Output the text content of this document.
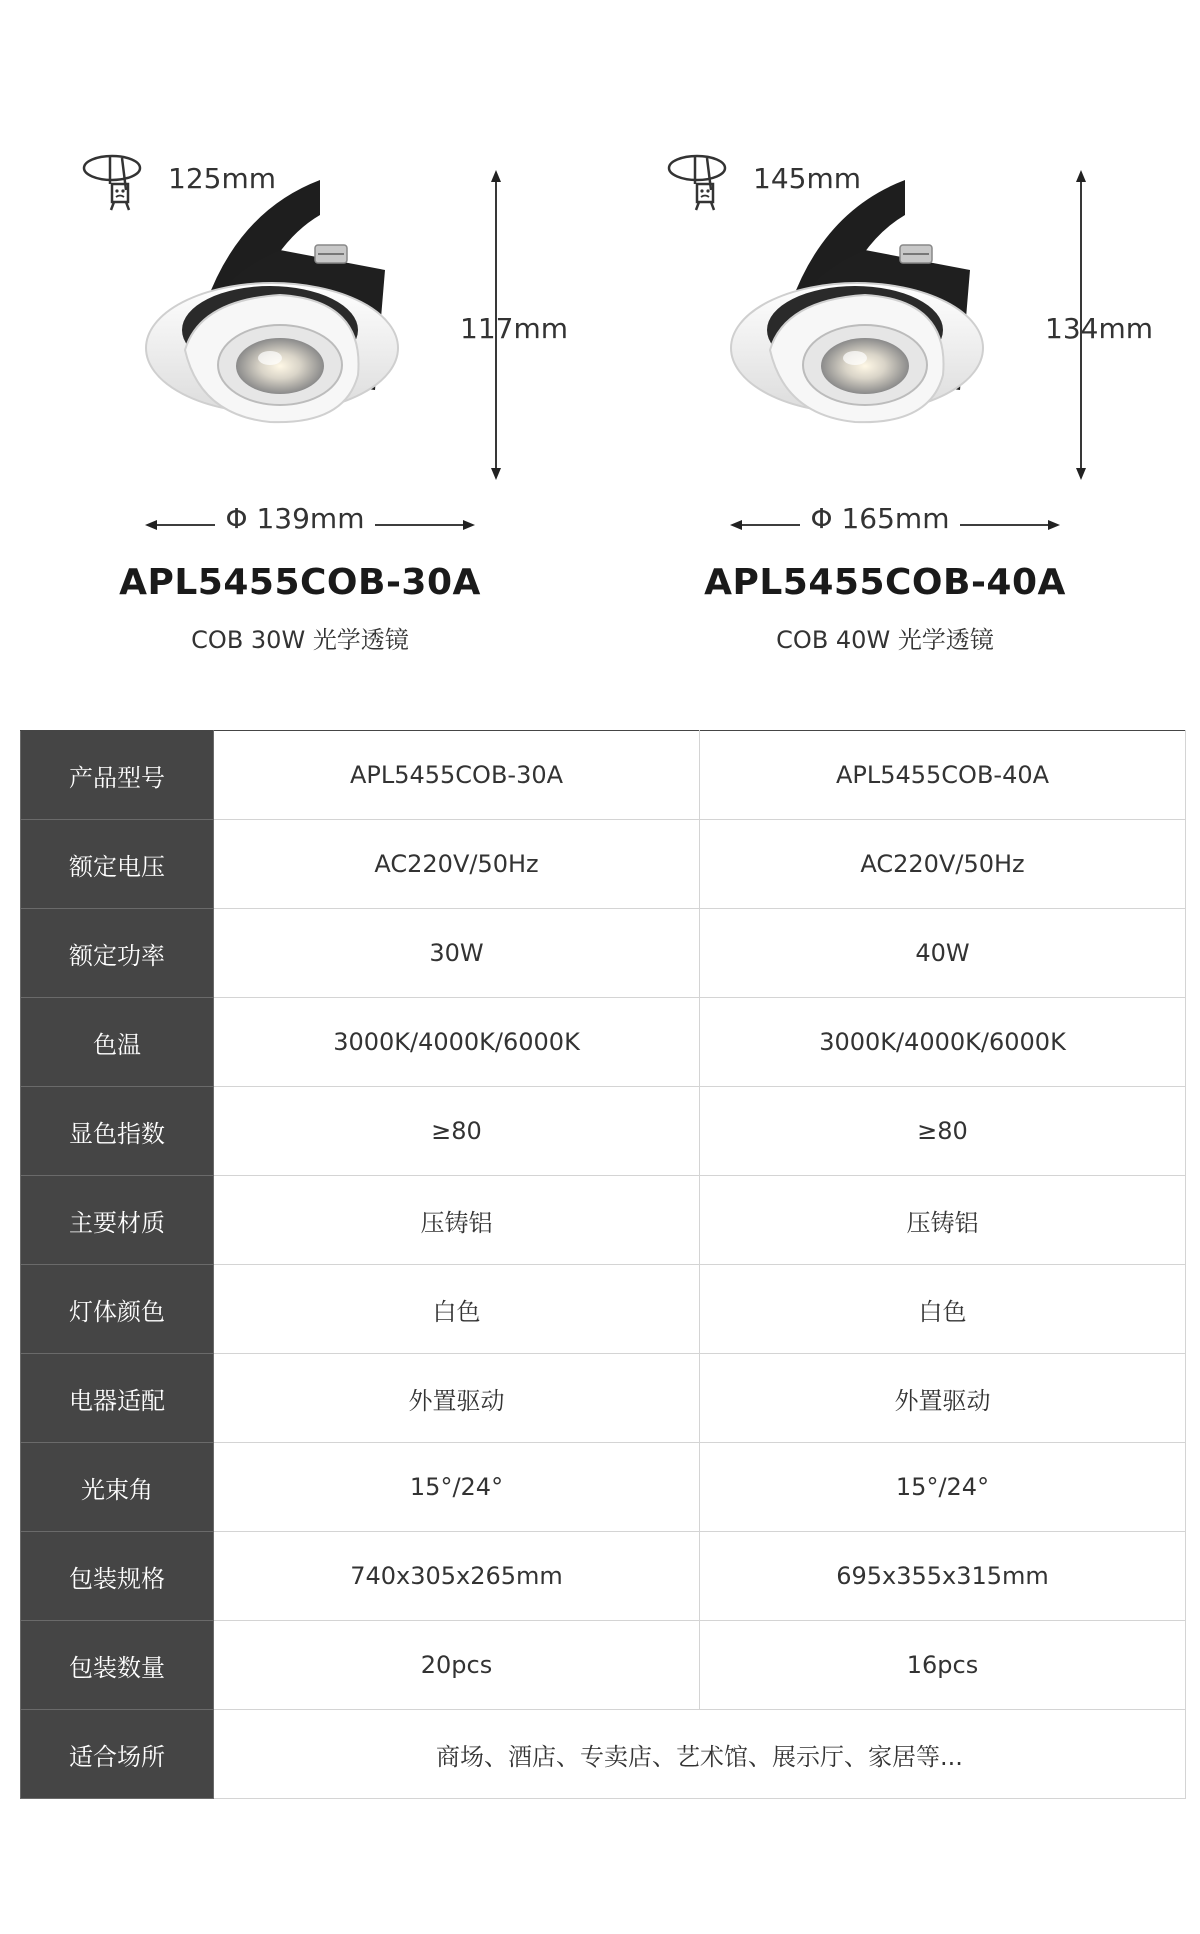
125mm
117mm
Φ 139mm
APL5455COB-30A
COB 30W 光学透镜
145mm
134mm
Φ 165mm
APL5455COB-40A
COB 40W 光学透镜
产品型号	APL5455COB-30A	APL5455COB-40A
额定电压	AC220V/50Hz	AC220V/50Hz
额定功率	30W	40W
色温	3000K/4000K/6000K	3000K/4000K/6000K
显色指数	≥80	≥80
主要材质	压铸铝	压铸铝
灯体颜色	白色	白色
电器适配	外置驱动	外置驱动
光束角	15°/24°	15°/24°
包装规格	740x305x265mm	695x355x315mm
包装数量	20pcs	16pcs
适合场所	商场、酒店、专卖店、艺术馆、展示厅、家居等...	
